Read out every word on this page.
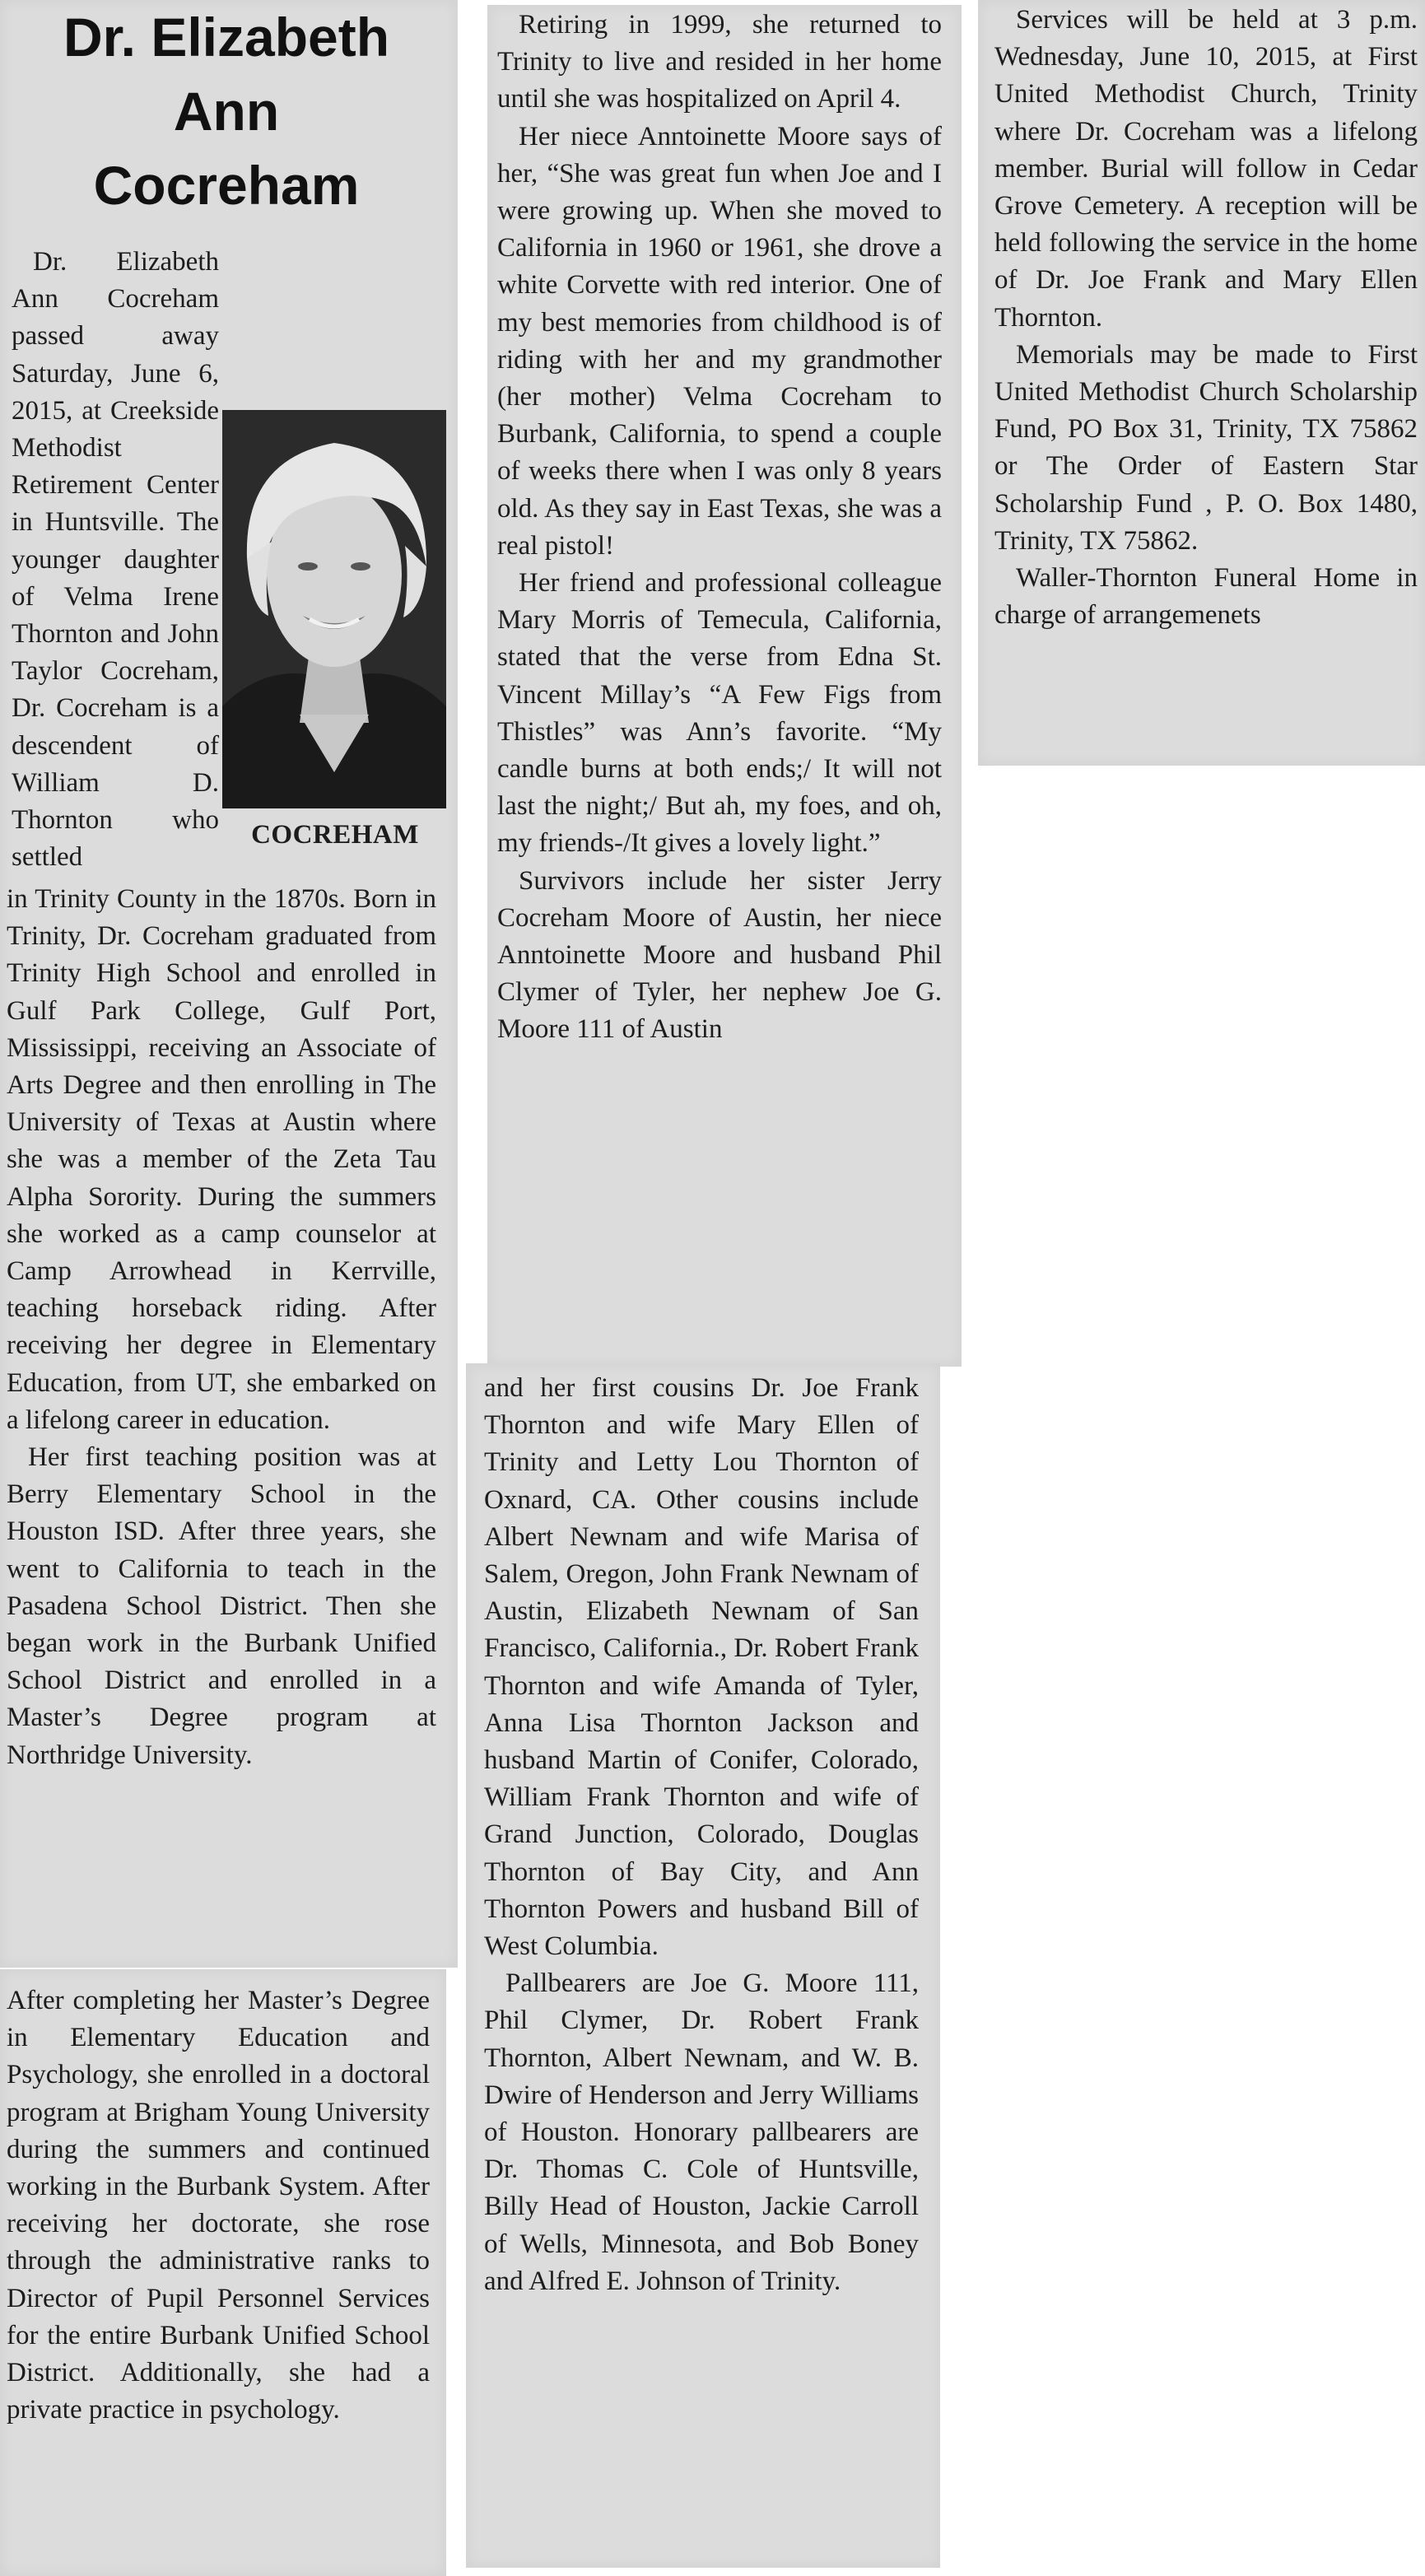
Dr. Elizabeth
Ann
Cocreham
COCREHAM

Dr. Elizabeth Ann Cocreham passed away Saturday, June 6, 2015, at Creekside Methodist Retirement Center in Huntsville. The younger daughter of Velma Irene Thornton and John Taylor Cocreham, Dr. Cocreham is a descendent of William D. Thornton who settled

in Trinity County in the 1870s. Born in Trinity, Dr. Cocreham graduated from Trinity High School and enrolled in Gulf Park College, Gulf Port, Mississippi, receiving an Associate of Arts Degree and then enrolling in The University of Texas at Austin where she was a member of the Zeta Tau Alpha Sorority. During the summers she worked as a camp counselor at Camp Arrowhead in Kerrville, teaching horseback riding. After receiving her degree in Elementary Education, from UT, she embarked on a lifelong career in education.

Her first teaching position was at Berry Elementary School in the Houston ISD. After three years, she went to California to teach in the Pasadena School District. Then she began work in the Burbank Unified School District and enrolled in a Master’s Degree program at Northridge University.

After completing her Master’s Degree in Elementary Education and Psychology, she enrolled in a doctoral program at Brigham Young University during the summers and continued working in the Burbank System. After receiving her doctorate, she rose through the administrative ranks to Director of Pupil Personnel Services for the entire Burbank Unified School District. Additionally, she had a private practice in psychology.

Retiring in 1999, she returned to Trinity to live and resided in her home until she was hospitalized on April 4.

Her niece Anntoinette Moore says of her, “She was great fun when Joe and I were growing up. When she moved to California in 1960 or 1961, she drove a white Corvette with red interior. One of my best memories from childhood is of riding with her and my grandmother (her mother) Velma Cocreham to Burbank, California, to spend a couple of weeks there when I was only 8 years old. As they say in East Texas, she was a real pistol!

Her friend and professional colleague Mary Morris of Temecula, California, stated that the verse from Edna St. Vincent Millay’s “A Few Figs from Thistles” was Ann’s favorite. “My candle burns at both ends;/ It will not last the night;/ But ah, my foes, and oh, my friends-/It gives a lovely light.”

Survivors include her sister Jerry Cocreham Moore of Austin, her niece Anntoinette Moore and husband Phil Clymer of Tyler, her nephew Joe G. Moore 111 of Austin

and her first cousins Dr. Joe Frank Thornton and wife Mary Ellen of Trinity and Letty Lou Thornton of Oxnard, CA. Other cousins include Albert Newnam and wife Marisa of Salem, Oregon, John Frank Newnam of Austin, Elizabeth Newnam of San Francisco, California., Dr. Robert Frank Thornton and wife Amanda of Tyler, Anna Lisa Thornton Jackson and husband Martin of Conifer, Colorado, William Frank Thornton and wife of Grand Junction, Colorado, Douglas Thornton of Bay City, and Ann Thornton Powers and husband Bill of West Columbia.

Pallbearers are Joe G. Moore 111, Phil Clymer, Dr. Robert Frank Thornton, Albert Newnam, and W. B. Dwire of Henderson and Jerry Williams of Houston. Honorary pallbearers are Dr. Thomas C. Cole of Huntsville, Billy Head of Houston, Jackie Carroll of Wells, Minnesota, and Bob Boney and Alfred E. Johnson of Trinity.

Services will be held at 3 p.m. Wednesday, June 10, 2015, at First United Methodist Church, Trinity where Dr. Cocreham was a lifelong member. Burial will follow in Cedar Grove Cemetery. A reception will be held following the service in the home of Dr. Joe Frank and Mary Ellen Thornton.

Memorials may be made to First United Methodist Church Scholarship Fund, PO Box 31, Trinity, TX 75862 or The Order of Eastern Star Scholarship Fund , P. O. Box 1480, Trinity, TX 75862.

Waller-Thornton Funeral Home in charge of arrangemenets
